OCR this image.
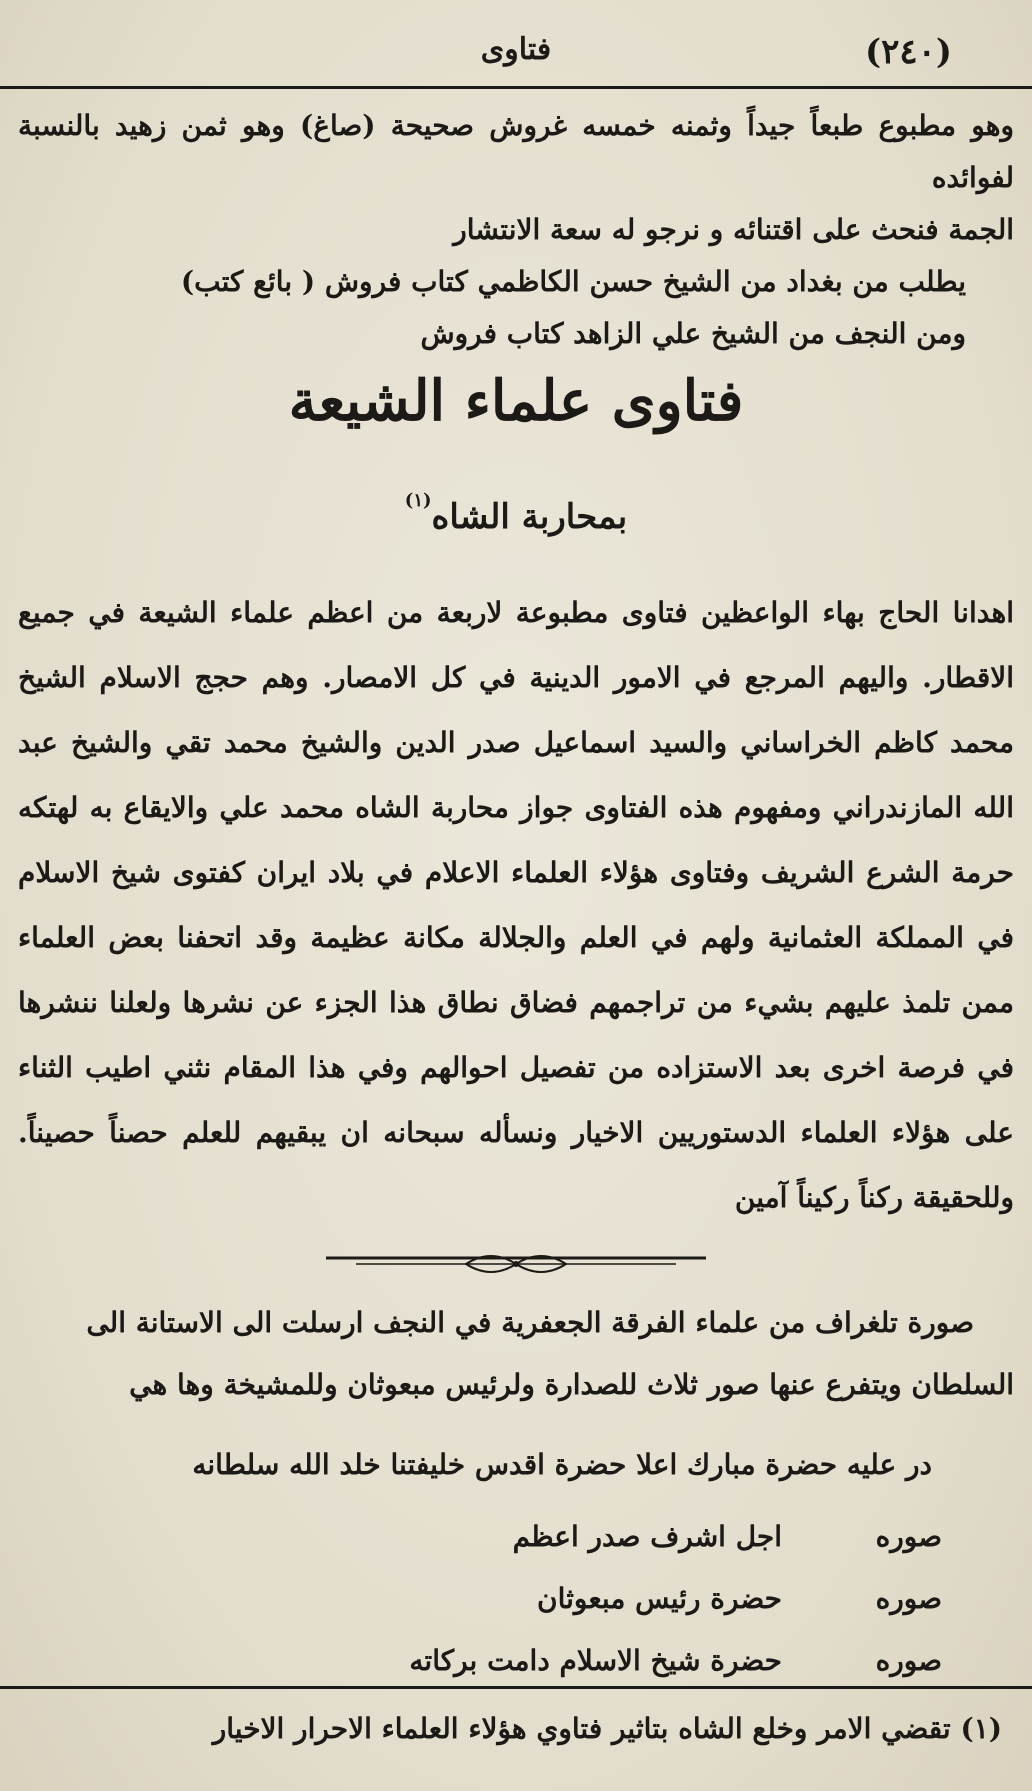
(٢٤٠)
فتاوى

وهو مطبوع طبعاً جيداً وثمنه خمسه غروش صحيحة (صاغ) وهو ثمن زهيد بالنسبة لفوائده

الجمة فنحث على اقتنائه و نرجو له سعة الانتشار

يطلب من بغداد من الشيخ حسن الكاظمي كتاب فروش ( بائع كتب)

ومن النجف من الشيخ علي الزاهد كتاب فروش

فتاوى علماء الشيعة
بمحاربة الشاه$^{(١)}$

اهدانا الحاج بهاء الواعظين فتاوى مطبوعة لاربعة من اعظم علماء الشيعة في جميع الاقطار. واليهم المرجع في الامور الدينية في كل الامصار. وهم حجج الاسلام الشيخ محمد كاظم الخراساني والسيد اسماعيل صدر الدين والشيخ محمد تقي والشيخ عبد الله المازندراني ومفهوم هذه الفتاوى جواز محاربة الشاه محمد علي والايقاع به لهتكه حرمة الشرع الشريف وفتاوى هؤلاء العلماء الاعلام في بلاد ايران كفتوى شيخ الاسلام في المملكة العثمانية ولهم في العلم والجلالة مكانة عظيمة وقد اتحفنا بعض العلماء ممن تلمذ عليهم بشيء من تراجمهم فضاق نطاق هذا الجزء عن نشرها ولعلنا ننشرها في فرصة اخرى بعد الاستزاده من تفصيل احوالهم وفي هذا المقام نثني اطيب الثناء على هؤلاء العلماء الدستوريين الاخيار ونسأله سبحانه ان يبقيهم للعلم حصناً حصيناً. وللحقيقة ركناً ركيناً آمين

صورة تلغراف من علماء الفرقة الجعفرية في النجف ارسلت الى الاستانة الى

السلطان ويتفرع عنها صور ثلاث للصدارة ولرئيس مبعوثان وللمشيخة وها هي

در عليه حضرة مبارك اعلا حضرة اقدس خليفتنا خلد الله سلطانه
صوره
اجل اشرف صدر اعظم
صوره
حضرة رئيس مبعوثان
صوره
حضرة شيخ الاسلام دامت بركاته
(١) تقضي الامر وخلع الشاه بتاثير فتاوي هؤلاء العلماء الاحرار الاخيار
